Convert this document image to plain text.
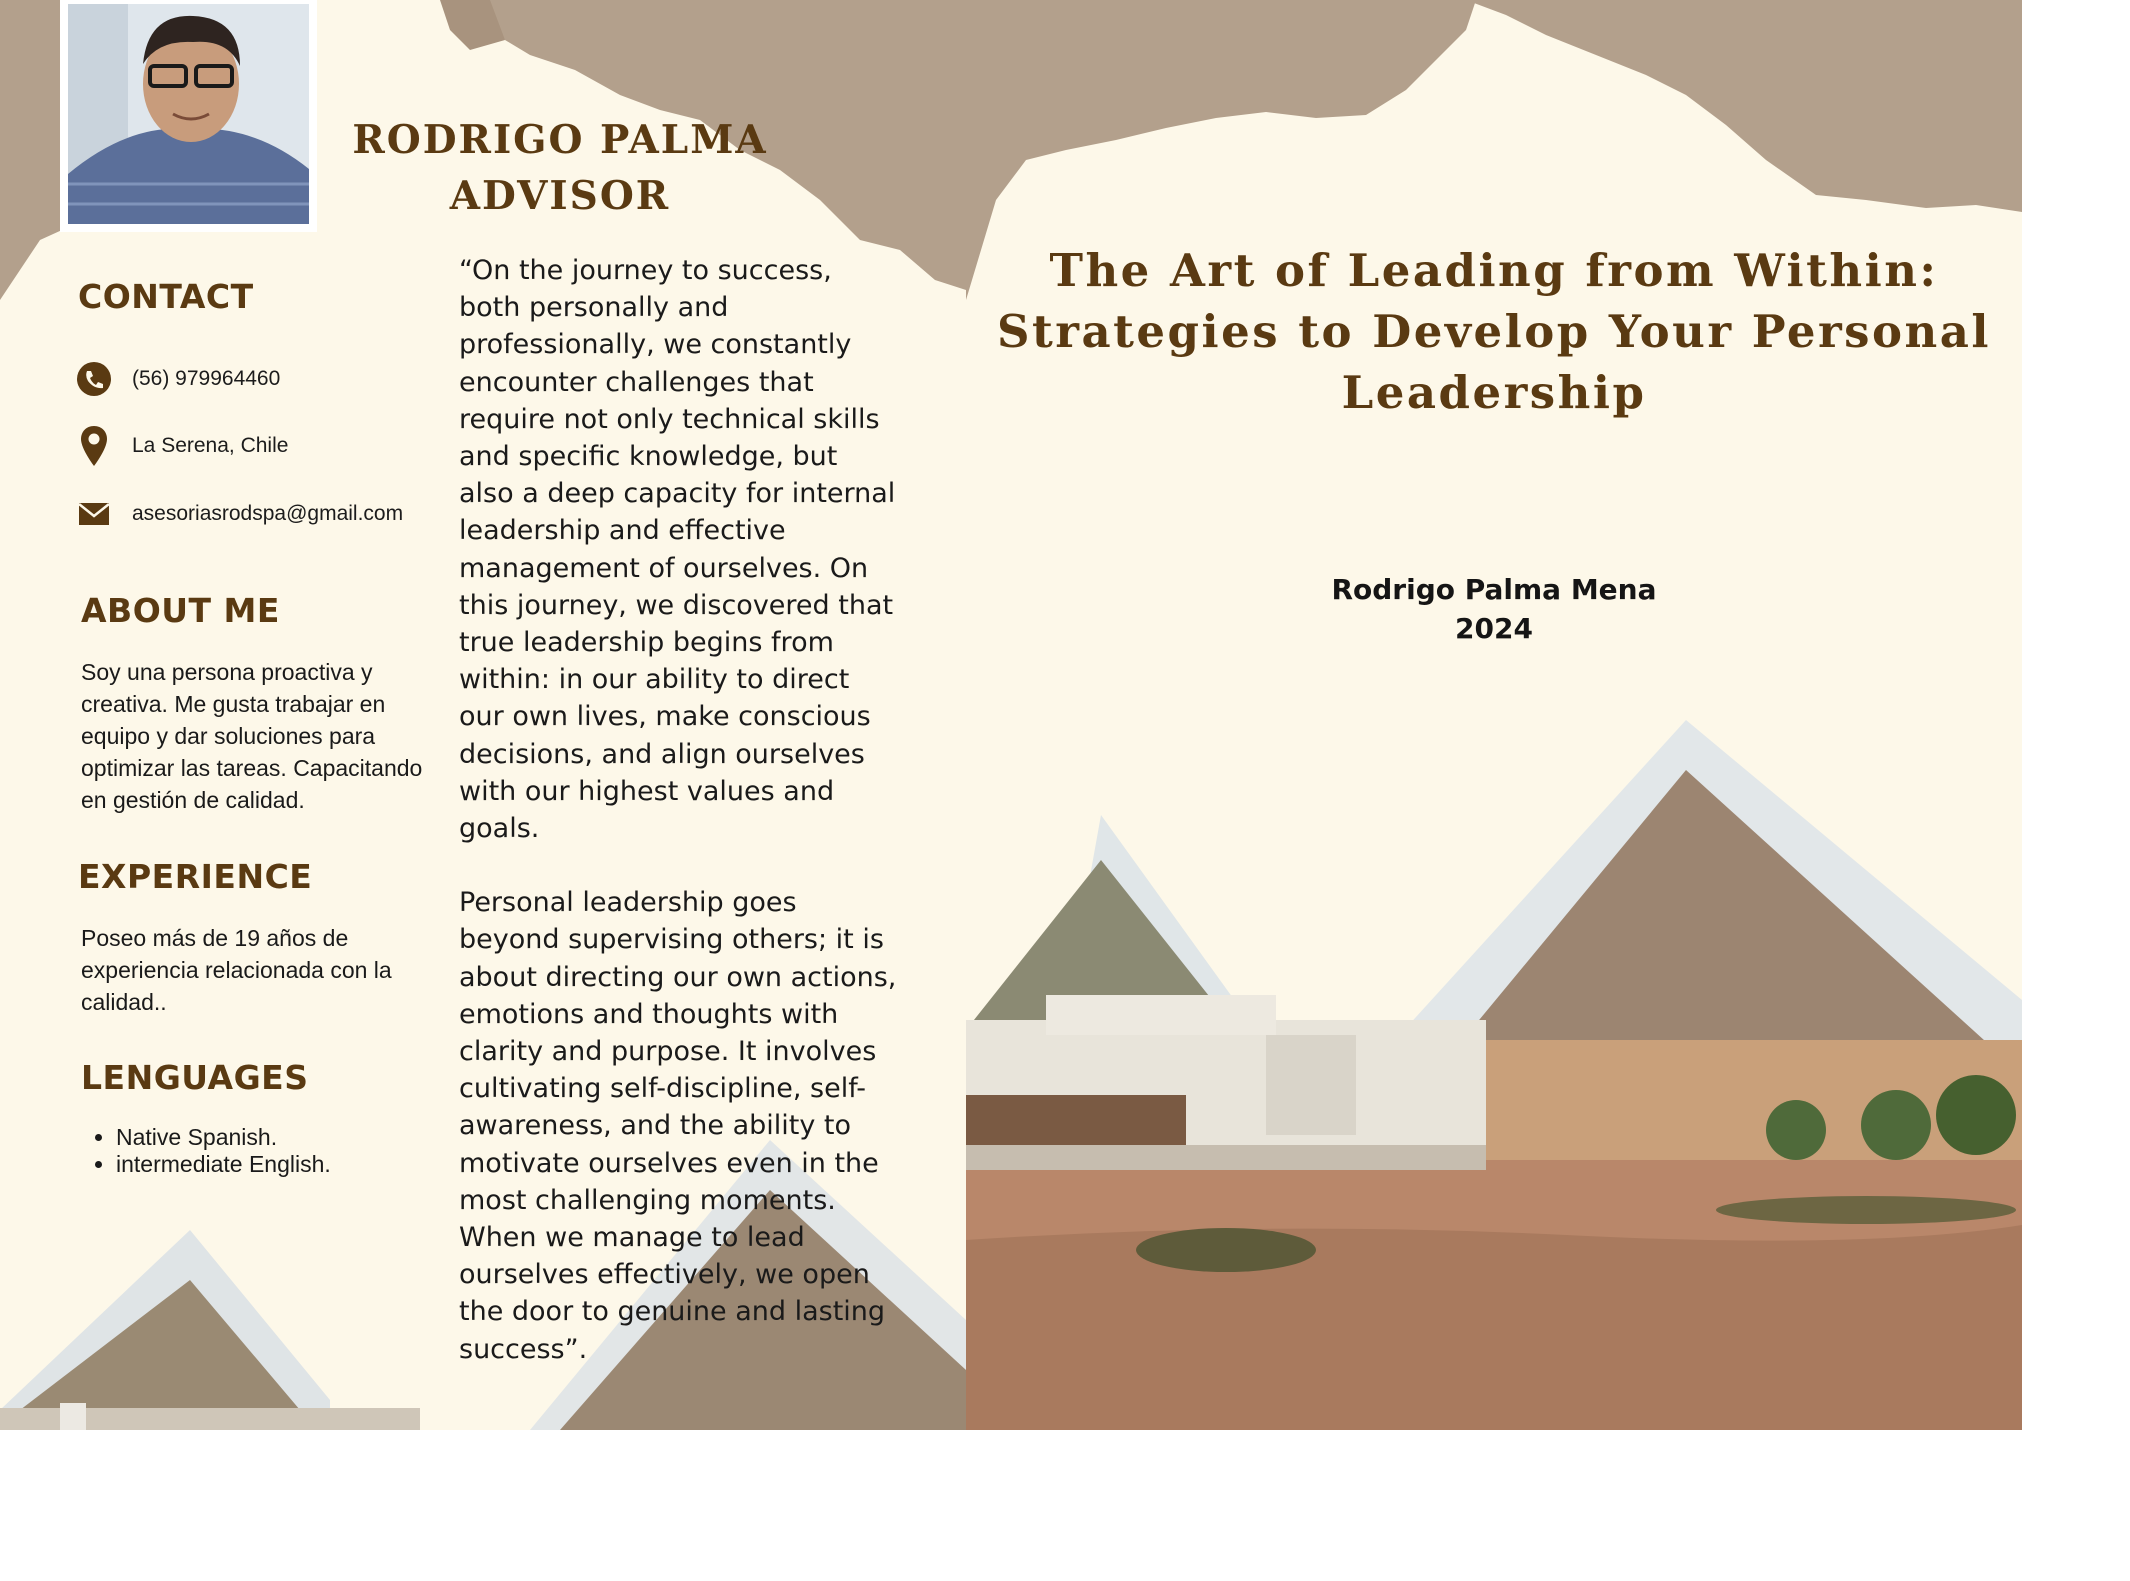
RODRIGO PALMA
ADVISOR
CONTACT
(56) 979964460
La Serena, Chile
asesoriasrodspa@gmail.com
ABOUT ME
Soy una persona proactiva y creativa. Me gusta trabajar en equipo y dar soluciones para optimizar las tareas. Capacitando en gestión de calidad.
EXPERIENCE
Poseo más de 19 años de experiencia relacionada con la calidad..
LENGUAGES
• Native Spanish.
• intermediate English.

“On the journey to success, both personally and professionally, we constantly encounter challenges that require not only technical skills and specific knowledge, but also a deep capacity for internal leadership and effective management of ourselves. On this journey, we discovered that true leadership begins from within: in our ability to direct our own lives, make conscious decisions, and align ourselves with our highest values and goals.

Personal leadership goes beyond supervising others; it is about directing our own actions, emotions and thoughts with clarity and purpose. It involves cultivating self-discipline, self-awareness, and the ability to motivate ourselves even in the most challenging moments. When we manage to lead ourselves effectively, we open the door to genuine and lasting success”.

The Art of Leading from Within: Strategies to Develop Your Personal Leadership
Rodrigo Palma Mena
2024
